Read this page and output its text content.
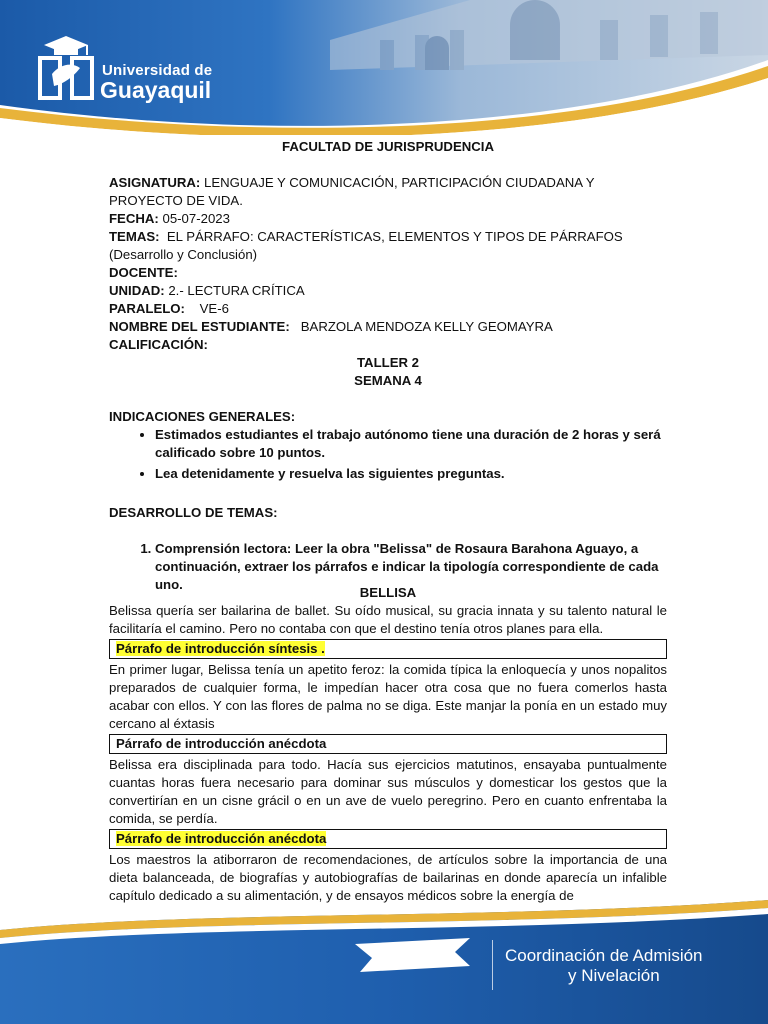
Universidad de
Guayaquil

FACULTAD DE JURISPRUDENCIA

ASIGNATURA: LENGUAJE Y COMUNICACIÓN, PARTICIPACIÓN CIUDADANA Y PROYECTO DE VIDA.

FECHA: 05-07-2023

TEMAS:  EL PÁRRAFO: CARACTERÍSTICAS, ELEMENTOS Y TIPOS DE PÁRRAFOS (Desarrollo y Conclusión)

DOCENTE:

UNIDAD: 2.- LECTURA CRÍTICA

PARALELO:    VE-6

NOMBRE DEL ESTUDIANTE:   BARZOLA MENDOZA KELLY GEOMAYRA

CALIFICACIÓN:

TALLER 2

SEMANA 4

INDICACIONES GENERALES:

• Estimados estudiantes el trabajo autónomo tiene una duración de 2 horas y será calificado sobre 10 puntos.
• Lea detenidamente y resuelva las siguientes preguntas.

DESARROLLO DE TEMAS:

1. Comprensión lectora: Leer la obra "Belissa" de Rosaura Barahona Aguayo, a continuación, extraer los párrafos e indicar la tipología correspondiente de cada uno.

BELLISA

Belissa quería ser bailarina de ballet. Su oído musical, su gracia innata y su talento natural le facilitaría el camino. Pero no contaba con que el destino tenía otros planes para ella.

Párrafo de introducción síntesis .

En primer lugar, Belissa tenía un apetito feroz: la comida típica la enloquecía y unos nopalitos preparados de cualquier forma, le impedían hacer otra cosa que no fuera comerlos hasta acabar con ellos. Y con las flores de palma no se diga. Este manjar la ponía en un estado muy cercano al éxtasis

Párrafo de introducción anécdota

Belissa era disciplinada para todo. Hacía sus ejercicios matutinos, ensayaba puntualmente cuantas horas fuera necesario para dominar sus músculos y domesticar los gestos que la convertirían en un cisne grácil o en un ave de vuelo peregrino. Pero en cuanto enfrentaba la comida, se perdía.

Párrafo de introducción anécdota

Los maestros la atiborraron de recomendaciones, de artículos sobre la importancia de una dieta balanceada, de biografías y autobiografías de bailarinas en donde aparecía un infalible capítulo dedicado a su alimentación, y de ensayos médicos sobre la energía de

Coordinación de Admisión
y Nivelación
